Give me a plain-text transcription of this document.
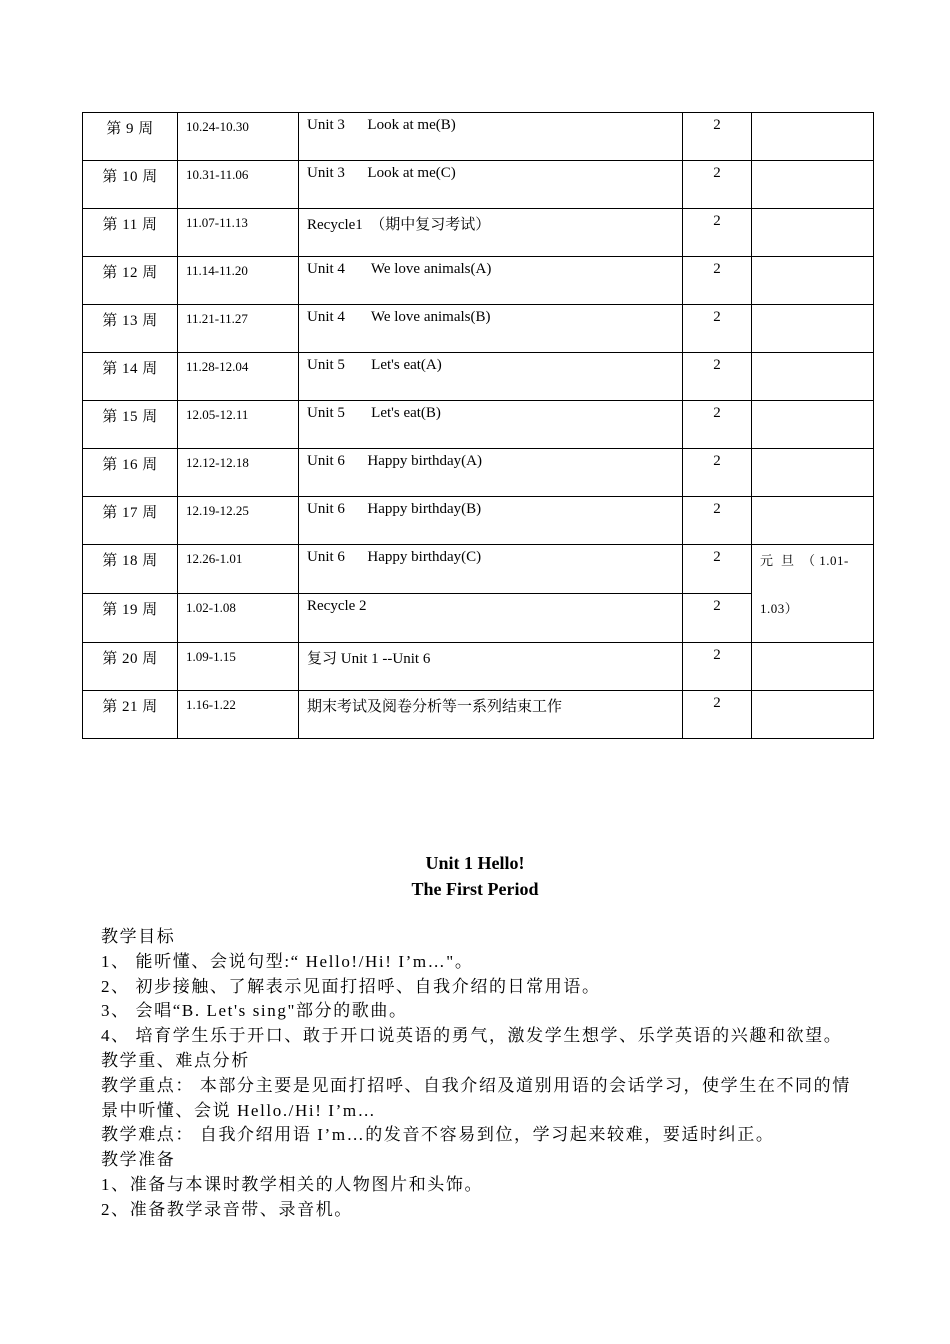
第 9 周	10.24-10.30	Unit 3      Look at me(B)	2	
第 10 周	10.31-11.06	Unit 3      Look at me(C)	2	
第 11 周	11.07-11.13	Recycle1  （期中复习考试）	2	
第 12 周	11.14-11.20	Unit 4       We love animals(A)	2	
第 13 周	11.21-11.27	Unit 4       We love animals(B)	2	
第 14 周	11.28-12.04	Unit 5       Let's eat(A)	2	
第 15 周	12.05-12.11	Unit 5       Let's eat(B)	2	
第 16 周	12.12-12.18	Unit 6      Happy birthday(A)	2	
第 17 周	12.19-12.25	Unit 6      Happy birthday(B)	2	
第 18 周	12.26-1.01	Unit 6      Happy birthday(C)	2	元  旦  （ 1.01-
1.03）

第 19 周	1.02-1.08	Recycle 2	2	
第 20 周	1.09-1.15	复习 Unit 1 --Unit 6	2	
第 21 周	1.16-1.22	期末考试及阅卷分析等一系列结束工作	2	
Unit 1 Hello!
The First Period

教学目标

1、 能听懂、会说句型:“ Hello!/Hi! I’m…"。

2、 初步接触、了解表示见面打招呼、自我介绍的日常用语。

3、 会唱“B. Let's sing"部分的歌曲。

4、 培育学生乐于开口、敢于开口说英语的勇气，激发学生想学、乐学英语的兴趣和欲望。

教学重、难点分析

教学重点： 本部分主要是见面打招呼、自我介绍及道别用语的会话学习，使学生在不同的情景中听懂、会说 Hello./Hi! I’m…

教学难点： 自我介绍用语 I’m…的发音不容易到位，学习起来较难，要适时纠正。

教学准备

1、准备与本课时教学相关的人物图片和头饰。

2、准备教学录音带、录音机。
